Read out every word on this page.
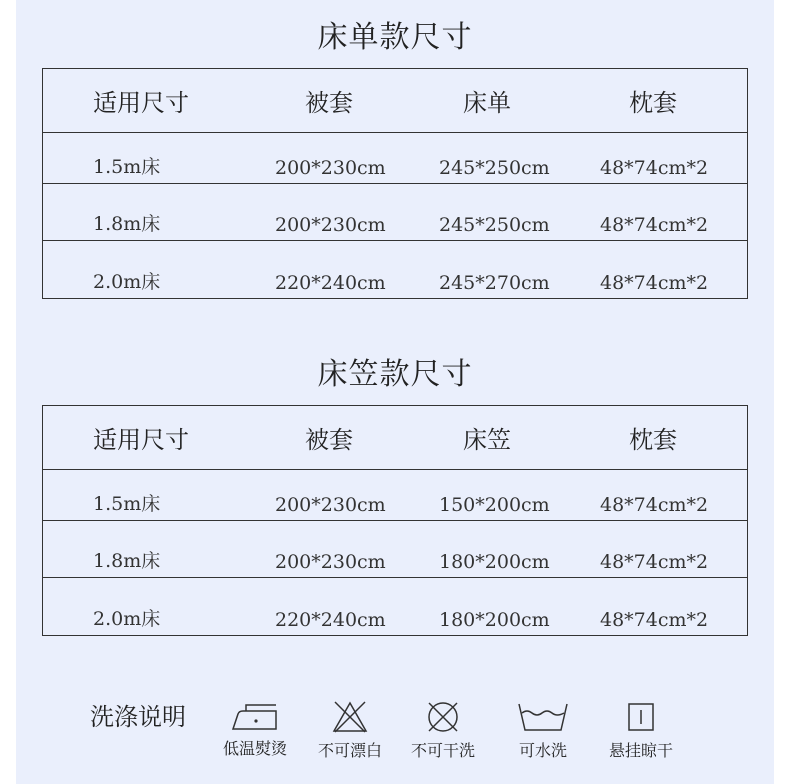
床单款尺寸
适用尺寸	被套	床单	枕套
1.5m床	200*230cm	245*250cm	48*74cm*2
1.8m床	200*230cm	245*250cm	48*74cm*2
2.0m床	220*240cm	245*270cm	48*74cm*2
床笠款尺寸
适用尺寸	被套	床笠	枕套
1.5m床	200*230cm	150*200cm	48*74cm*2
1.8m床	200*230cm	180*200cm	48*74cm*2
2.0m床	220*240cm	180*200cm	48*74cm*2
洗涤说明
低温熨烫	不可漂白	不可干洗	可水洗	悬挂晾干
